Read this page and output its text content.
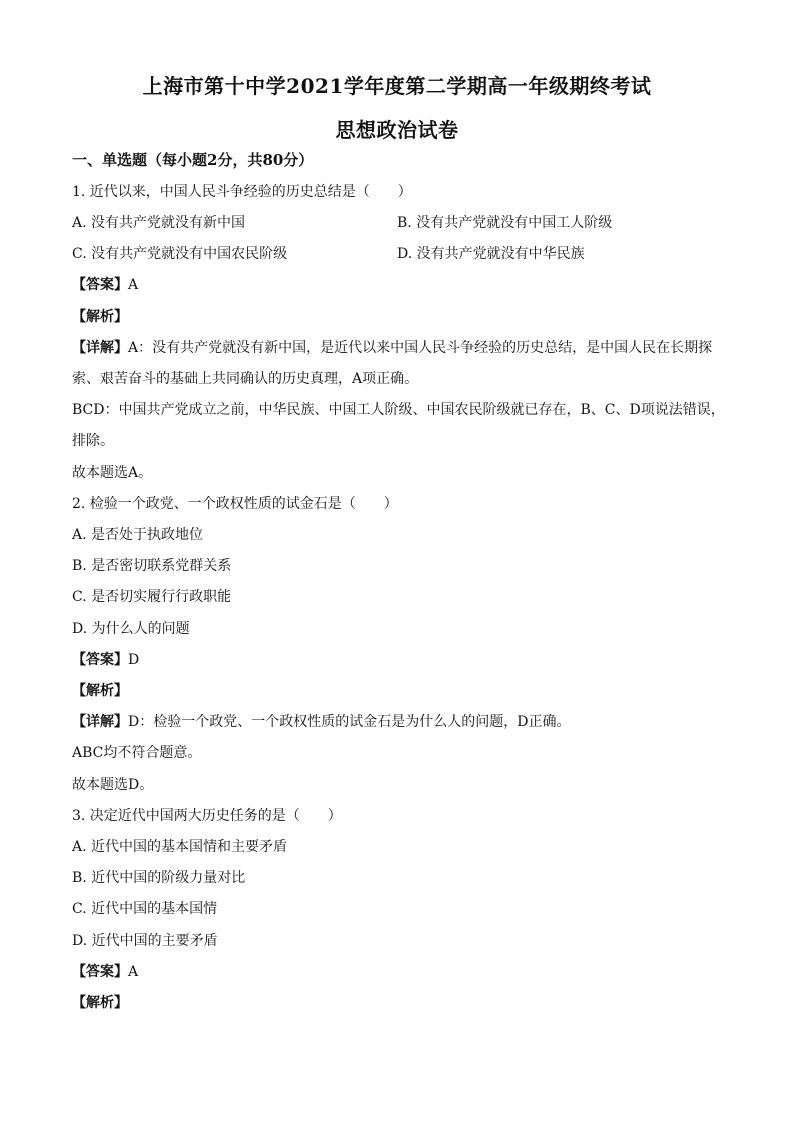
上海市第十中学2021学年度第二学期高一年级期终考试
思想政治试卷
一、单选题（每小题2分，共80分）
1. 近代以来，中国人民斗争经验的历史总结是（　　）
A. 没有共产党就没有新中国	B. 没有共产党就没有中国工人阶级
C. 没有共产党就没有中国农民阶级	D. 没有共产党就没有中华民族
【答案】A
【解析】
【详解】A：没有共产党就没有新中国，是近代以来中国人民斗争经验的历史总结，是中国人民在长期探
索、艰苦奋斗的基础上共同确认的历史真理，A项正确。
BCD：中国共产党成立之前，中华民族、中国工人阶级、中国农民阶级就已存在，B、C、D项说法错误，
排除。
故本题选A。
2. 检验一个政党、一个政权性质的试金石是（　　）
A. 是否处于执政地位
B. 是否密切联系党群关系
C. 是否切实履行行政职能
D. 为什么人的问题
【答案】D
【解析】
【详解】D：检验一个政党、一个政权性质的试金石是为什么人的问题，D正确。
ABC均不符合题意。
故本题选D。
3. 决定近代中国两大历史任务的是（　　）
A. 近代中国的基本国情和主要矛盾
B. 近代中国的阶级力量对比
C. 近代中国的基本国情
D. 近代中国的主要矛盾
【答案】A
【解析】
